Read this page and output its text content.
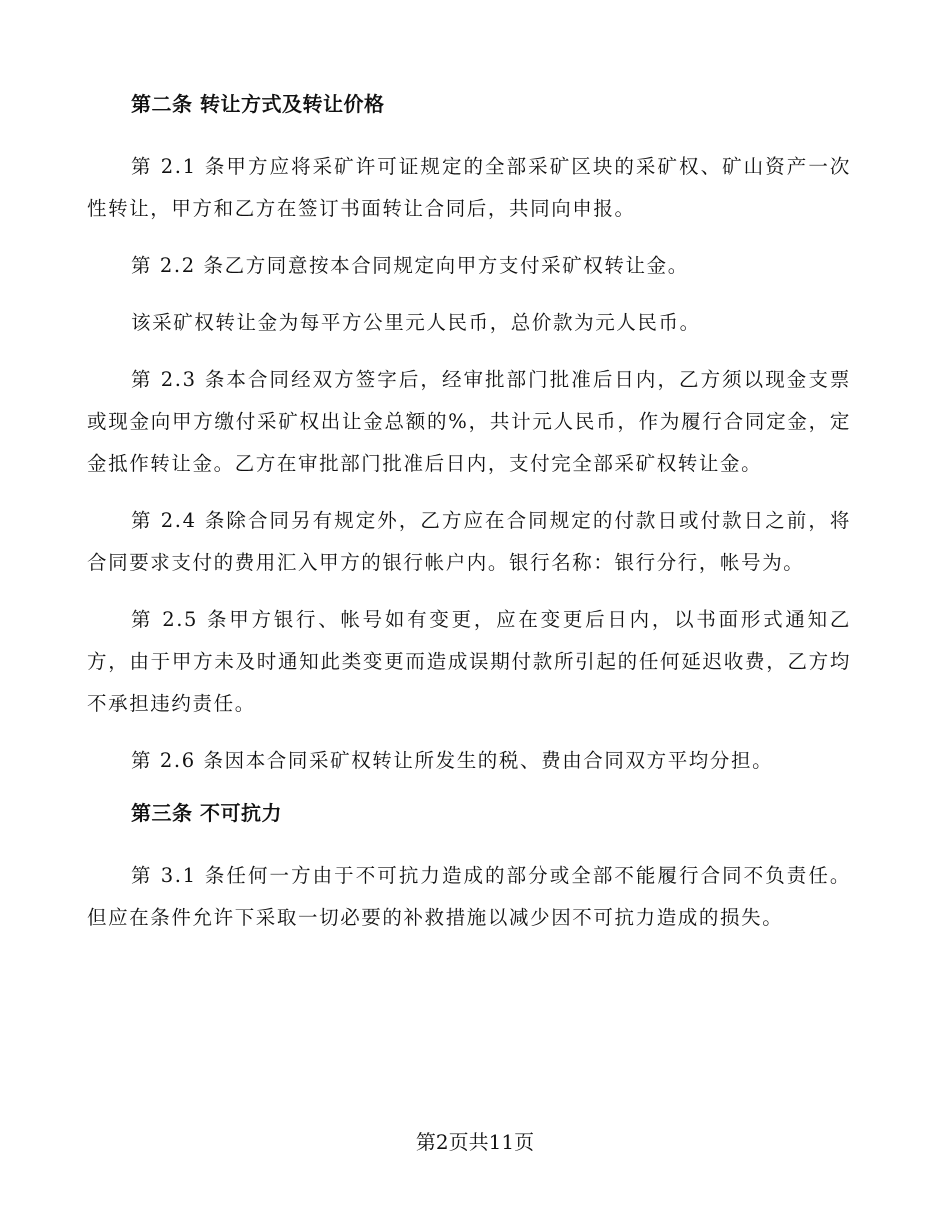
第二条 转让方式及转让价格

第 2.1 条甲方应将采矿许可证规定的全部采矿区块的采矿权、矿山资产一次性转让，甲方和乙方在签订书面转让合同后，共同向申报。

第 2.2 条乙方同意按本合同规定向甲方支付采矿权转让金。

该采矿权转让金为每平方公里元人民币，总价款为元人民币。

第 2.3 条本合同经双方签字后，经审批部门批准后日内，乙方须以现金支票或现金向甲方缴付采矿权出让金总额的%，共计元人民币，作为履行合同定金，定金抵作转让金。乙方在审批部门批准后日内，支付完全部采矿权转让金。

第 2.4 条除合同另有规定外，乙方应在合同规定的付款日或付款日之前，将合同要求支付的费用汇入甲方的银行帐户内。银行名称：银行分行，帐号为。

第 2.5 条甲方银行、帐号如有变更，应在变更后日内，以书面形式通知乙方，由于甲方未及时通知此类变更而造成误期付款所引起的任何延迟收费，乙方均不承担违约责任。

第 2.6 条因本合同采矿权转让所发生的税、费由合同双方平均分担。

第三条 不可抗力

第 3.1 条任何一方由于不可抗力造成的部分或全部不能履行合同不负责任。但应在条件允许下采取一切必要的补救措施以减少因不可抗力造成的损失。

第2页共11页
